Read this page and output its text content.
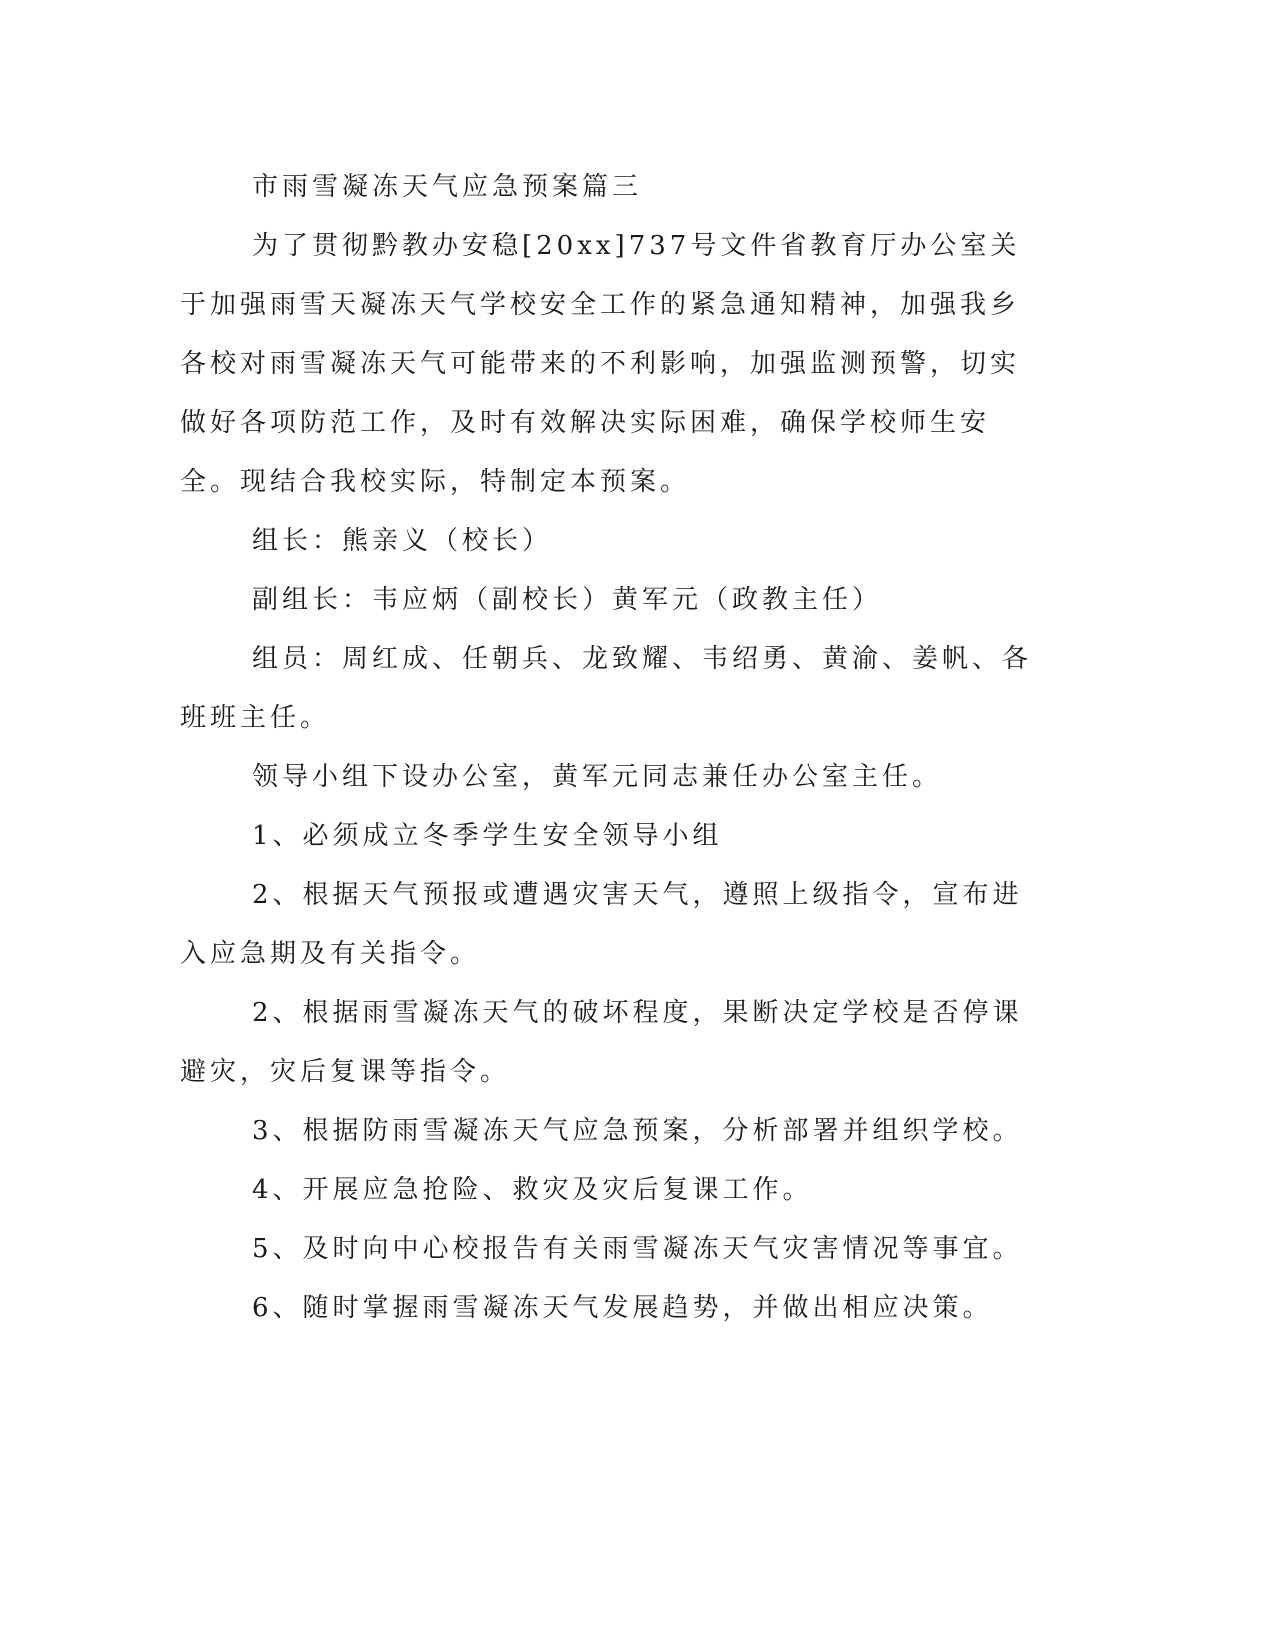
市雨雪凝冻天气应急预案篇三

为了贯彻黔教办安稳[20xx]737号文件省教育厅办公室关于加强雨雪天凝冻天气学校安全工作的紧急通知精神，加强我乡各校对雨雪凝冻天气可能带来的不利影响，加强监测预警，切实做好各项防范工作，及时有效解决实际困难，确保学校师生安全。现结合我校实际，特制定本预案。

组长：熊亲义（校长）

副组长：韦应炳（副校长）黄军元（政教主任）

组员：周红成、任朝兵、龙致耀、韦绍勇、黄渝、姜帆、各班班主任。

领导小组下设办公室，黄军元同志兼任办公室主任。

1、必须成立冬季学生安全领导小组

2、根据天气预报或遭遇灾害天气，遵照上级指令，宣布进入应急期及有关指令。

2、根据雨雪凝冻天气的破坏程度，果断决定学校是否停课避灾，灾后复课等指令。

3、根据防雨雪凝冻天气应急预案，分析部署并组织学校。

4、开展应急抢险、救灾及灾后复课工作。

5、及时向中心校报告有关雨雪凝冻天气灾害情况等事宜。

6、随时掌握雨雪凝冻天气发展趋势，并做出相应决策。
